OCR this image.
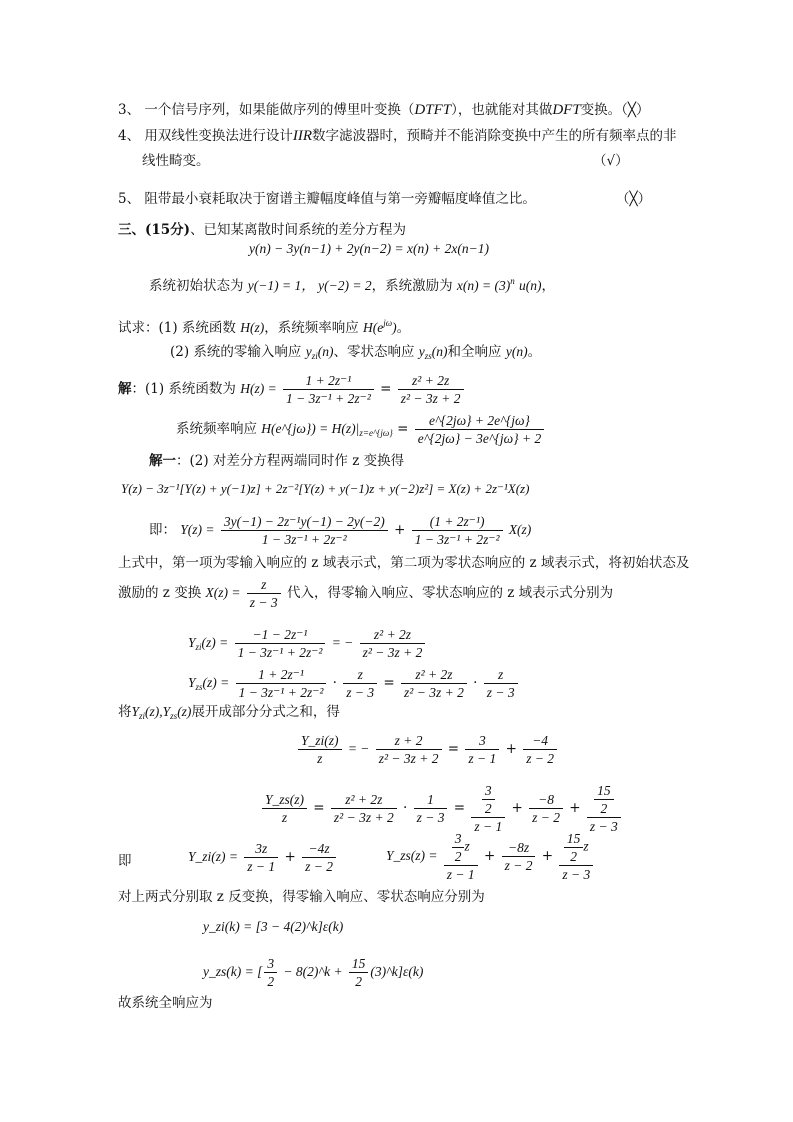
3、 一个信号序列，如果能做序列的傅里叶变换（DTFT），也就能对其做DFT变换。（╳）
4、 用双线性变换法进行设计IIR数字滤波器时，预畸并不能消除变换中产生的所有频率点的非
线性畸变。	（√）
5、 阻带最小衰耗取决于窗谱主瓣幅度峰值与第一旁瓣幅度峰值之比。	（╳）
三、(15分)、已知某离散时间系统的差分方程为
y(n) − 3y(n−1) + 2y(n−2) = x(n) + 2x(n−1)
系统初始状态为 y(−1) = 1， y(−2) = 2，系统激励为 $x(n) = (3)^n$ u(n)，
试求：(1) 系统函数 H(z)，系统频率响应 $H(e^{j\omega})$。
(2) 系统的零输入响应 $y_{zi}(n)$、零状态响应 $y_{zs}(n)$和全响应 y(n)。
解：(1) 系统函数为 $H(z) = \frac{\text{1 + 2z⁻¹}}{\text{1 − 3z⁻¹ + 2z⁻²}} = \frac{\text{z² + 2z}}{\text{z² − 3z + 2}}$
系统频率响应 H(e^{jω}) = $H(z)|_{z=e\^{}\{j\omega\}} = \frac{e\^{}\{2j\omega\} + 2e\^{}\{j\omega\}}{e\^{}\{2j\omega\} - 3e\^{}\{j\omega\} + 2}$
解一：(2) 对差分方程两端同时作 z 变换得
Y(z) − 3z⁻¹[Y(z) + y(−1)z] + 2z⁻²[Y(z) + y(−1)z + y(−2)z²] = X(z) + 2z⁻¹X(z)
即： $Y(z) = \frac{\text{3y(−1) − 2z⁻¹y(−1) − 2y(−2)}}{\text{1 − 3z⁻¹ + 2z⁻²}} + \frac{\text{(1 + 2z⁻¹)}}{\text{1 − 3z⁻¹ + 2z⁻²}} X(z)$
上式中，第一项为零输入响应的 z 域表示式，第二项为零状态响应的 z 域表示式，将初始状态及
激励的 z 变换 $X(z) = \frac{z}{z - 3}$ 代入，得零输入响应、零状态响应的 z 域表示式分别为
$Y_{zi}(z) = \frac{\text{−1 − 2z⁻¹}}{\text{1 − 3z⁻¹ + 2z⁻²}}$ = − $\frac{\text{z² + 2z}}{\text{z² − 3z + 2}}$
$Y_{zs}(z) = \frac{\text{1 + 2z⁻¹}}{\text{1 − 3z⁻¹ + 2z⁻²}} \cdot \frac{z}{z - 3} = \frac{\text{z² + 2z}}{\text{z² − 3z + 2}} \cdot \frac{z}{z - 3}$
将$Y_{zi}(z),Y_{zs}(z)$展开成部分分式之和，得
$\frac{Y\_zi(z)}{z}$ = − $\frac{z + 2}{\text{z² − 3z + 2}} = \frac{3}{z - 1} + \frac{-4}{z - 2}$
$\frac{Y\_zs(z)}{z} = \frac{\text{z² + 2z}}{\text{z² − 3z + 2}} \cdot \frac{1}{z - 3} = \frac{\frac{3}{2}}{z - 1} + \frac{-8}{z - 2} + \frac{\frac{15}{2}}{z - 3}$
即	Y_zi(z) = $\frac{3z}{z - 1} + \frac{-4z}{z - 2}$	Y_zs(z) = $\frac{\frac{3}{2} z}{z - 1} + \frac{-8z}{z - 2} + \frac{\frac{15}{2} z}{z - 3}$
对上两式分别取 z 反变换，得零输入响应、零状态响应分别为
y_zi(k) = [3 − 4(2)^k]ε(k)
y_zs(k) = [ $\frac{3}{2}$ − 8(2)^k + $\frac{15}{2}$ (3)^k]ε(k)
故系统全响应为
